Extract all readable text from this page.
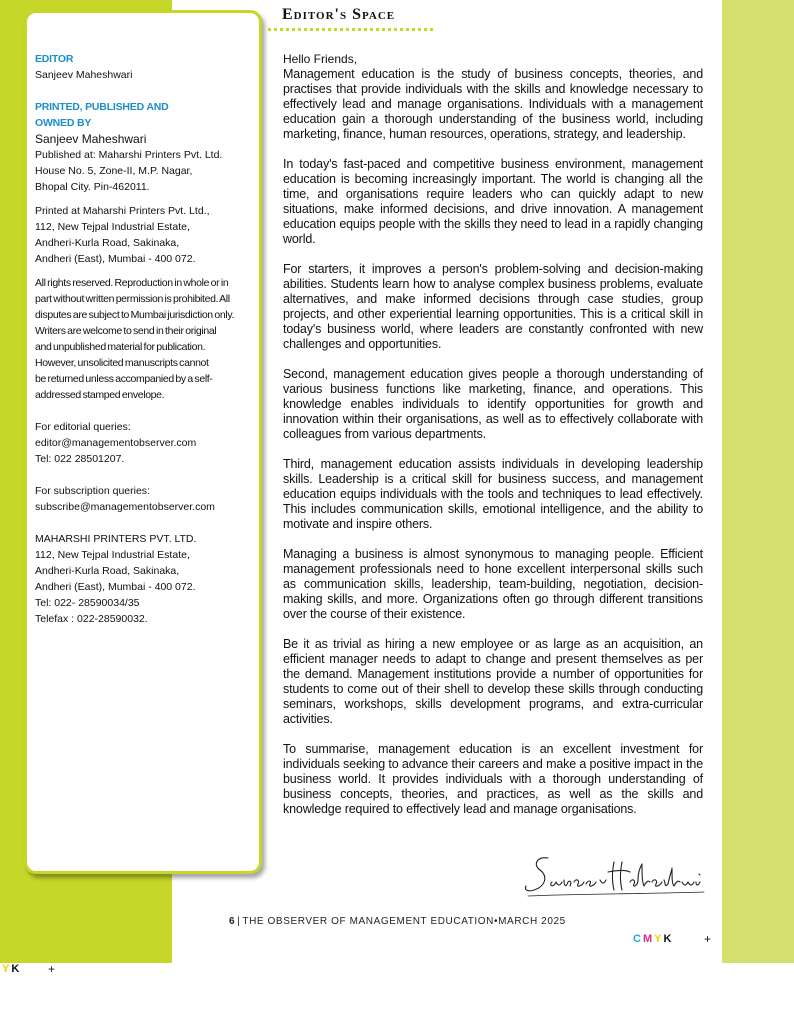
Editor's Space
EDITOR
Sanjeev Maheshwari
PRINTED, PUBLISHED AND
OWNED BY
Sanjeev Maheshwari
Published at: Maharshi Printers Pvt. Ltd.
House No. 5, Zone-II, M.P. Nagar,
Bhopal City. Pin-462011.
Printed at Maharshi Printers Pvt. Ltd.,
112, New Tejpal Industrial Estate,
Andheri-Kurla Road, Sakinaka,
Andheri (East), Mumbai - 400 072.
All rights reserved. Reproduction in whole or in
part without written permission is prohibited. All
disputes are subject to Mumbai jurisdiction only.
Writers are welcome to send in their original
and unpublished material for publication.
However, unsolicited manuscripts cannot
be returned unless accompanied by a self-
addressed stamped envelope.
For editorial queries:
editor@managementobserver.com
Tel: 022 28501207.
For subscription queries:
subscribe@managementobserver.com
MAHARSHI PRINTERS PVT. LTD.
112, New Tejpal Industrial Estate,
Andheri-Kurla Road, Sakinaka,
Andheri (East), Mumbai - 400 072.
Tel: 022- 28590034/35
Telefax : 022-28590032.
Hello Friends,

Management education is the study of business concepts, theories, and practises that provide individuals with the skills and knowledge necessary to effectively lead and manage organisations. Individuals with a management education gain a thorough understanding of the business world, including marketing, finance, human resources, operations, strategy, and leadership.

In today's fast-paced and competitive business environment, management education is becoming increasingly important. The world is changing all the time, and organisations require leaders who can quickly adapt to new situations, make informed decisions, and drive innovation. A management education equips people with the skills they need to lead in a rapidly changing world.

For starters, it improves a person's problem-solving and decision-making abilities. Students learn how to analyse complex business problems, evaluate alternatives, and make informed decisions through case studies, group projects, and other experiential learning opportunities. This is a critical skill in today's business world, where leaders are constantly confronted with new challenges and opportunities.

Second, management education gives people a thorough understanding of various business functions like marketing, finance, and operations. This knowledge enables individuals to identify opportunities for growth and innovation within their organisations, as well as to effectively collaborate with colleagues from various departments.

Third, management education assists individuals in developing leadership skills. Leadership is a critical skill for business success, and management education equips individuals with the tools and techniques to lead effectively. This includes communication skills, emotional intelligence, and the ability to motivate and inspire others.

Managing a business is almost synonymous to managing people. Efficient management professionals need to hone excellent interpersonal skills such as communication skills, leadership, team-building, negotiation, decision-making skills, and more. Organizations often go through different transitions over the course of their existence.

Be it as trivial as hiring a new employee or as large as an acquisition, an efficient manager needs to adapt to change and present themselves as per the demand. Management institutions provide a number of opportunities for students to come out of their shell to develop these skills through conducting seminars, workshops, skills development programs, and extra-curricular activities.

To summarise, management education is an excellent investment for individuals seeking to advance their careers and make a positive impact in the business world. It provides individuals with a thorough understanding of business concepts, theories, and practices, as well as the skills and knowledge required to effectively lead and manage organisations.

6 | THE OBSERVER OF MANAGEMENT EDUCATION•MARCH 2025
CMYK	+
YK +
